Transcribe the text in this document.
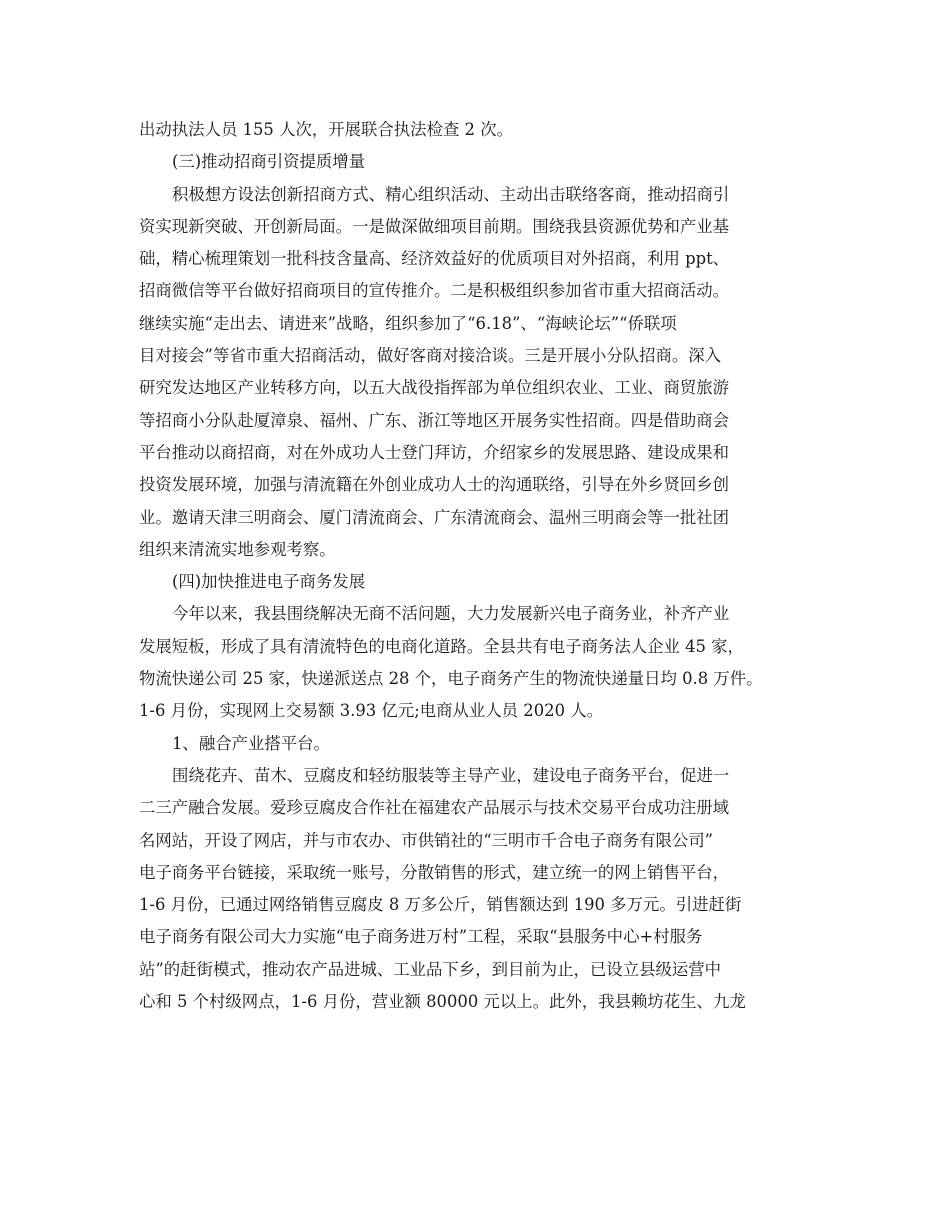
出动执法人员 155 人次，开展联合执法检查 2 次。
(三)推动招商引资提质增量
积极想方设法创新招商方式、精心组织活动、主动出击联络客商，推动招商引
资实现新突破、开创新局面。一是做深做细项目前期。围绕我县资源优势和产业基
础，精心梳理策划一批科技含量高、经济效益好的优质项目对外招商，利用 ppt、
招商微信等平台做好招商项目的宣传推介。二是积极组织参加省市重大招商活动。
继续实施“走出去、请进来”战略，组织参加了“6.18”、“海峡论坛”“侨联项
目对接会”等省市重大招商活动，做好客商对接洽谈。三是开展小分队招商。深入
研究发达地区产业转移方向，以五大战役指挥部为单位组织农业、工业、商贸旅游
等招商小分队赴厦漳泉、福州、广东、浙江等地区开展务实性招商。四是借助商会
平台推动以商招商，对在外成功人士登门拜访，介绍家乡的发展思路、建设成果和
投资发展环境，加强与清流籍在外创业成功人士的沟通联络，引导在外乡贤回乡创
业。邀请天津三明商会、厦门清流商会、广东清流商会、温州三明商会等一批社团
组织来清流实地参观考察。
(四)加快推进电子商务发展
今年以来，我县围绕解决无商不活问题，大力发展新兴电子商务业，补齐产业
发展短板，形成了具有清流特色的电商化道路。全县共有电子商务法人企业 45 家，
物流快递公司 25 家，快递派送点 28 个，电子商务产生的物流快递量日均 0.8 万件。
1-6 月份，实现网上交易额 3.93 亿元;电商从业人员 2020 人。
1、融合产业搭平台。
围绕花卉、苗木、豆腐皮和轻纺服装等主导产业，建设电子商务平台，促进一
二三产融合发展。爱珍豆腐皮合作社在福建农产品展示与技术交易平台成功注册域
名网站，开设了网店，并与市农办、市供销社的“三明市千合电子商务有限公司”
电子商务平台链接，采取统一账号，分散销售的形式，建立统一的网上销售平台，
1-6 月份，已通过网络销售豆腐皮 8 万多公斤，销售额达到 190 多万元。引进赶街
电子商务有限公司大力实施“电子商务进万村”工程，采取“县服务中心+村服务
站”的赶街模式，推动农产品进城、工业品下乡，到目前为止，已设立县级运营中
心和 5 个村级网点，1-6 月份，营业额 80000 元以上。此外，我县赖坊花生、九龙
